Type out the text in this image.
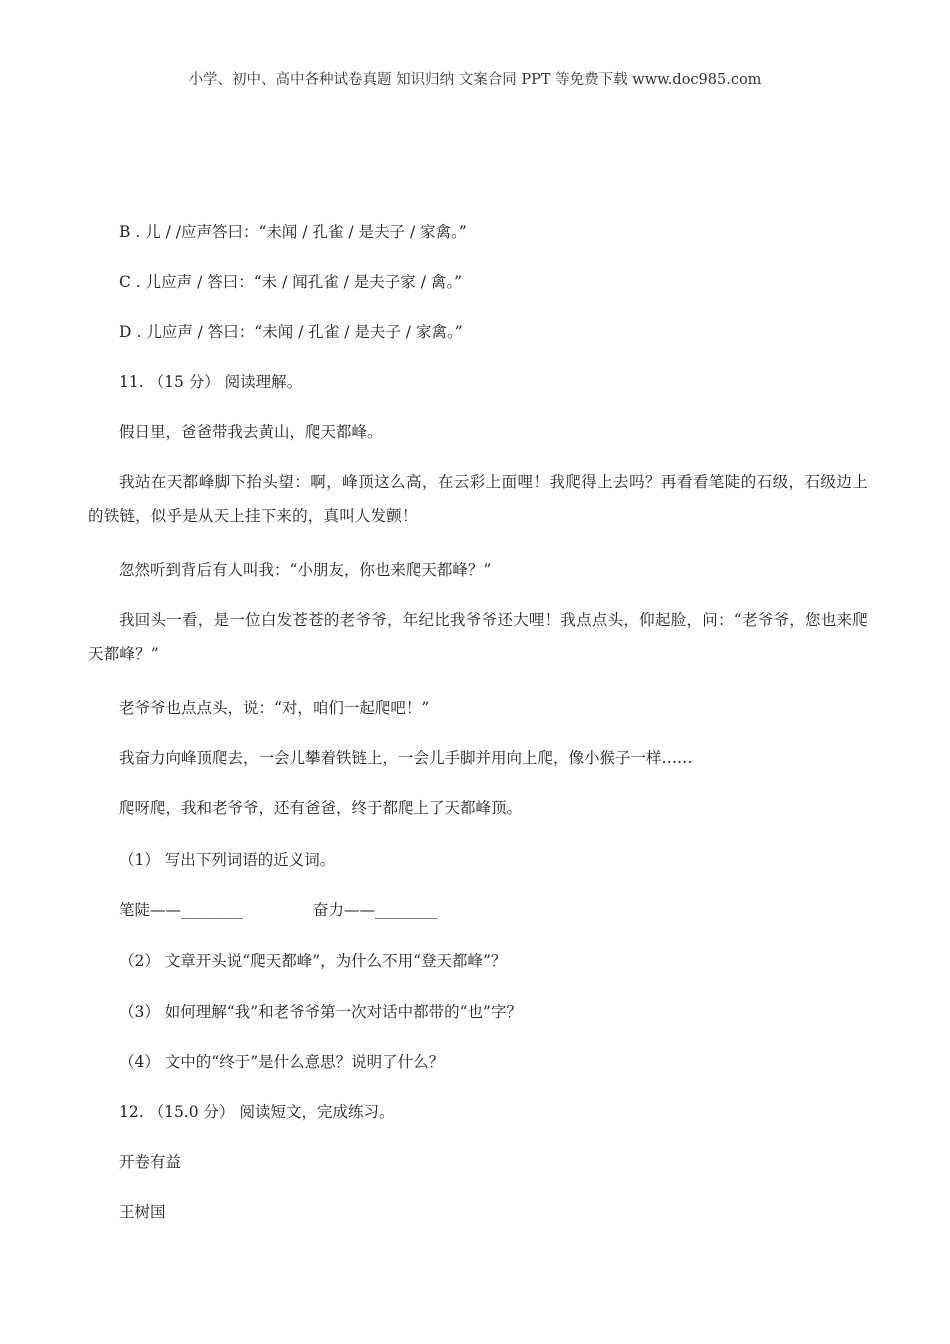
小学、初中、高中各种试卷真题 知识归纳 文案合同 PPT 等免费下载 www.doc985.com
B . 儿 / /应声答曰：“未闻 / 孔雀 / 是夫子 / 家禽。”
C . 儿应声 / 答曰：“未 / 闻孔雀 / 是夫子家 / 禽。”
D . 儿应声 / 答曰：“未闻 / 孔雀 / 是夫子 / 家禽。”
11. （15 分） 阅读理解。
假日里，爸爸带我去黄山，爬天都峰。
我站在天都峰脚下抬头望：啊，峰顶这么高，在云彩上面哩！我爬得上去吗？再看看笔陡的石级，石级边上的铁链，似乎是从天上挂下来的，真叫人发颤！
忽然听到背后有人叫我：“小朋友，你也来爬天都峰？”
我回头一看，是一位白发苍苍的老爷爷，年纪比我爷爷还大哩！我点点头，仰起脸，问：“老爷爷，您也来爬天都峰？”
老爷爷也点点头，说：“对，咱们一起爬吧！”
我奋力向峰顶爬去，一会儿攀着铁链上，一会儿手脚并用向上爬，像小猴子一样……
爬呀爬，我和老爷爷，还有爸爸，终于都爬上了天都峰顶。
（1） 写出下列词语的近义词。
笔陡——________	奋力——________
（2） 文章开头说“爬天都峰”，为什么不用“登天都峰”？
（3） 如何理解“我”和老爷爷第一次对话中都带的“也”字？
（4） 文中的“终于”是什么意思？说明了什么？
12. （15.0 分） 阅读短文，完成练习。
开卷有益
王树国
